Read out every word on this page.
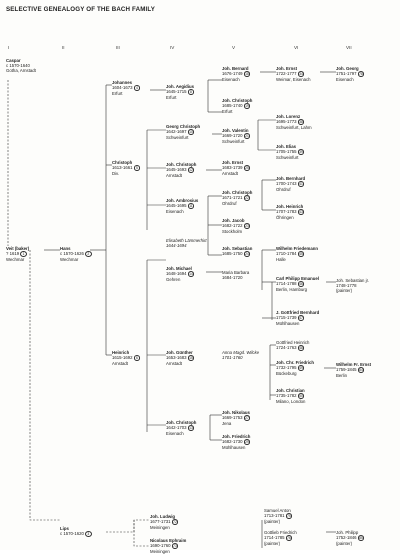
SELECTIVE GENEALOGY OF THE BACH FAMILY
I	II	III	IV	V	VI	VII
Caspar
c 1570-1640
Gotha, Arnstadt
Veit (baker)
? 1619 1
Wechmar
Hans
c 1570-1626 2
Wechmar
Lips
c 1570-1620 3
Johannes
1604-1673 4
Erfurt
Christoph
1613-1661 5
Div.
Heinrich
1615-1692 6
Arnstadt
Joh. Aegidius
1645-1715 8
Erfurt
Georg Christoph
1642-1697 10
Schweinfurt
Joh. Christoph
1645-1693 12
Arnstadt
Joh. Ambrosius
1645-1695 11
Eisenach
Elisabeth Lämmerhirt
1644-1694
Joh. Michael
1648-1694 14
Gehren
Joh. Günther
1653-1683 15
Arnstadt
Joh. Christoph
1642-1703 13
Eisenach
Joh. Bernard
1676-1749 18
Eisenach
Joh. Christoph
1685-1740 19
Erfurt
Joh. Valentin
1669-1720 21
Schweinfurt
Joh. Ernst
1683-1739 25
Arnstadt
Joh. Christoph
1671-1721 22
Ohrdruf
Joh. Jacob
1682-1722 23
Stockholm
Joh. Sebastian
1685-1750 24
Maria Barbara
1684-1720
Anna Magd. Wilcke
1701-1760
Joh. Nikolaus
1669-1753 27
Jena
Joh. Friedrich
1682-1730 29
Mühlhausen
Joh. Ludwig
1677-1731 72
Meiningen
Nicolaus Ephraim
1690-1760 73
Meiningen
Joh. Ernst
1722-1777 34
Weimar, Eisenach
Joh. Lorenz
1695-1773 38
Schweinfurt, Lahm
Joh. Elias
1705-1755 39
Schweinfurt
Joh. Bernhard
1700-1743 41
Ohrdruf
Joh. Heinrich
1707-1783 43
Öhringen
Wilhelm Friedemann
1710-1784 45
Halle
Carl Philipp Emanuel
1714-1788 46
Berlin, Hamburg
J. Gottfried Bernhard
1715-1739 47
Mühlhausen
Gottfried Heinrich
1724-1763 48
Joh. Chr. Friedrich
1732-1795 49
Bückeburg
Joh. Christian
1735-1782 50
Milano, London
Samuel Anton
1713-1781 75
(painter)
Gottlieb Friedrich
1714-1785 76
(painter)
Joh. Georg
1751-1797 78
Eisenach
Joh. Sebastian jr.
1748-1778
(painter)
Wilhelm Fr. Ernst
1759-1845 84
Berlin
Joh. Philipp
1752-1846 85
(painter)
